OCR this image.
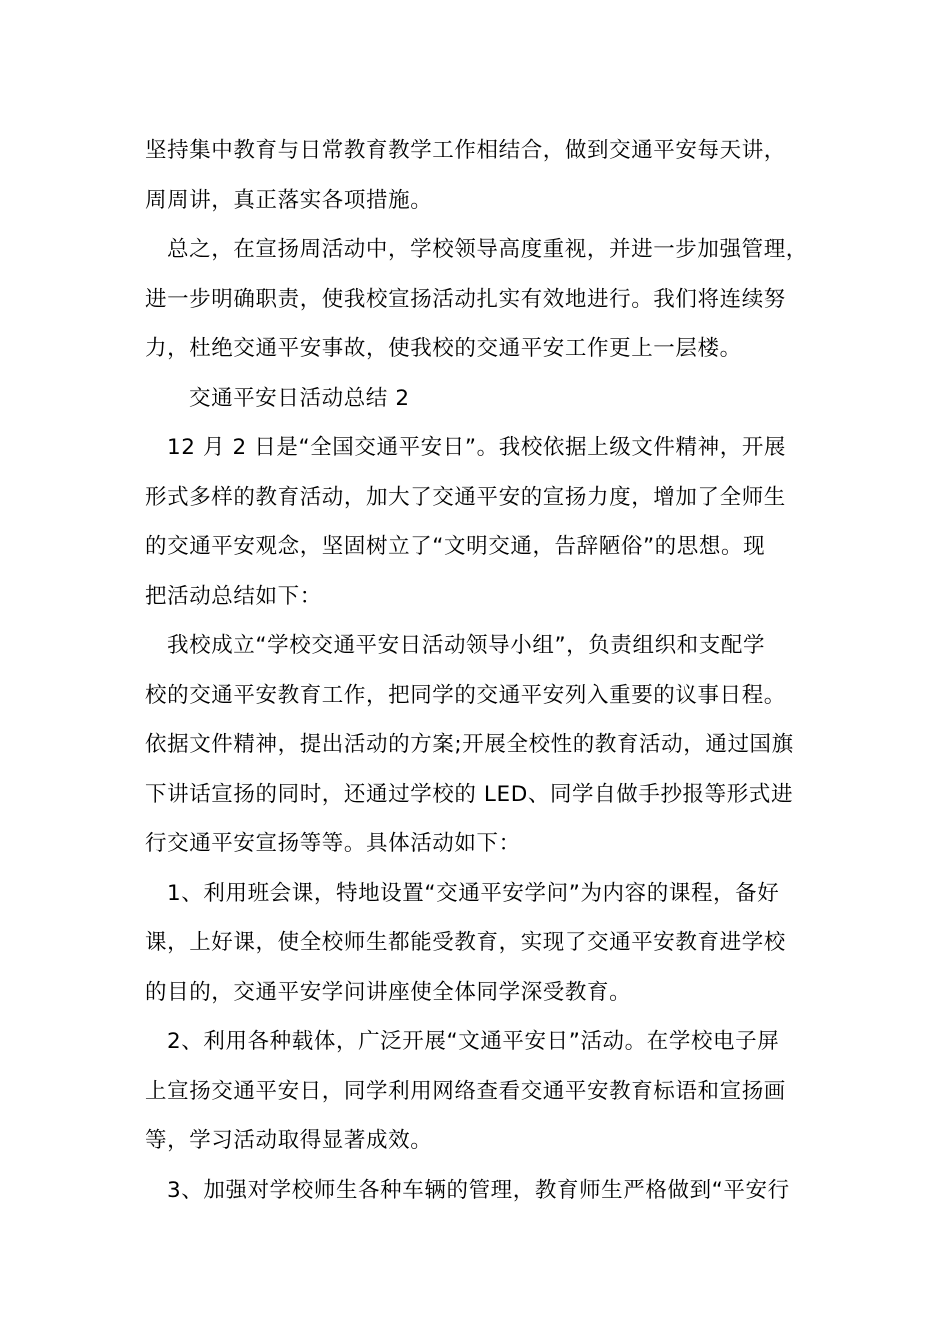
坚持集中教育与日常教育教学工作相结合，做到交通平安每天讲，
周周讲，真正落实各项措施。
总之，在宣扬周活动中，学校领导高度重视，并进一步加强管理，
进一步明确职责，使我校宣扬活动扎实有效地进行。我们将连续努
力，杜绝交通平安事故，使我校的交通平安工作更上一层楼。
交通平安日活动总结 2
12 月 2 日是“全国交通平安日”。我校依据上级文件精神，开展
形式多样的教育活动，加大了交通平安的宣扬力度，增加了全师生
的交通平安观念，坚固树立了“文明交通，告辞陋俗”的思想。现
把活动总结如下：
我校成立“学校交通平安日活动领导小组”，负责组织和支配学
校的交通平安教育工作，把同学的交通平安列入重要的议事日程。
依据文件精神，提出活动的方案;开展全校性的教育活动，通过国旗
下讲话宣扬的同时，还通过学校的 LED、同学自做手抄报等形式进
行交通平安宣扬等等。具体活动如下：
1、利用班会课，特地设置“交通平安学问”为内容的课程，备好
课，上好课，使全校师生都能受教育，实现了交通平安教育进学校
的目的，交通平安学问讲座使全体同学深受教育。
2、利用各种载体，广泛开展“文通平安日”活动。在学校电子屏
上宣扬交通平安日，同学利用网络查看交通平安教育标语和宣扬画
等，学习活动取得显著成效。
3、加强对学校师生各种车辆的管理，教育师生严格做到“平安行
